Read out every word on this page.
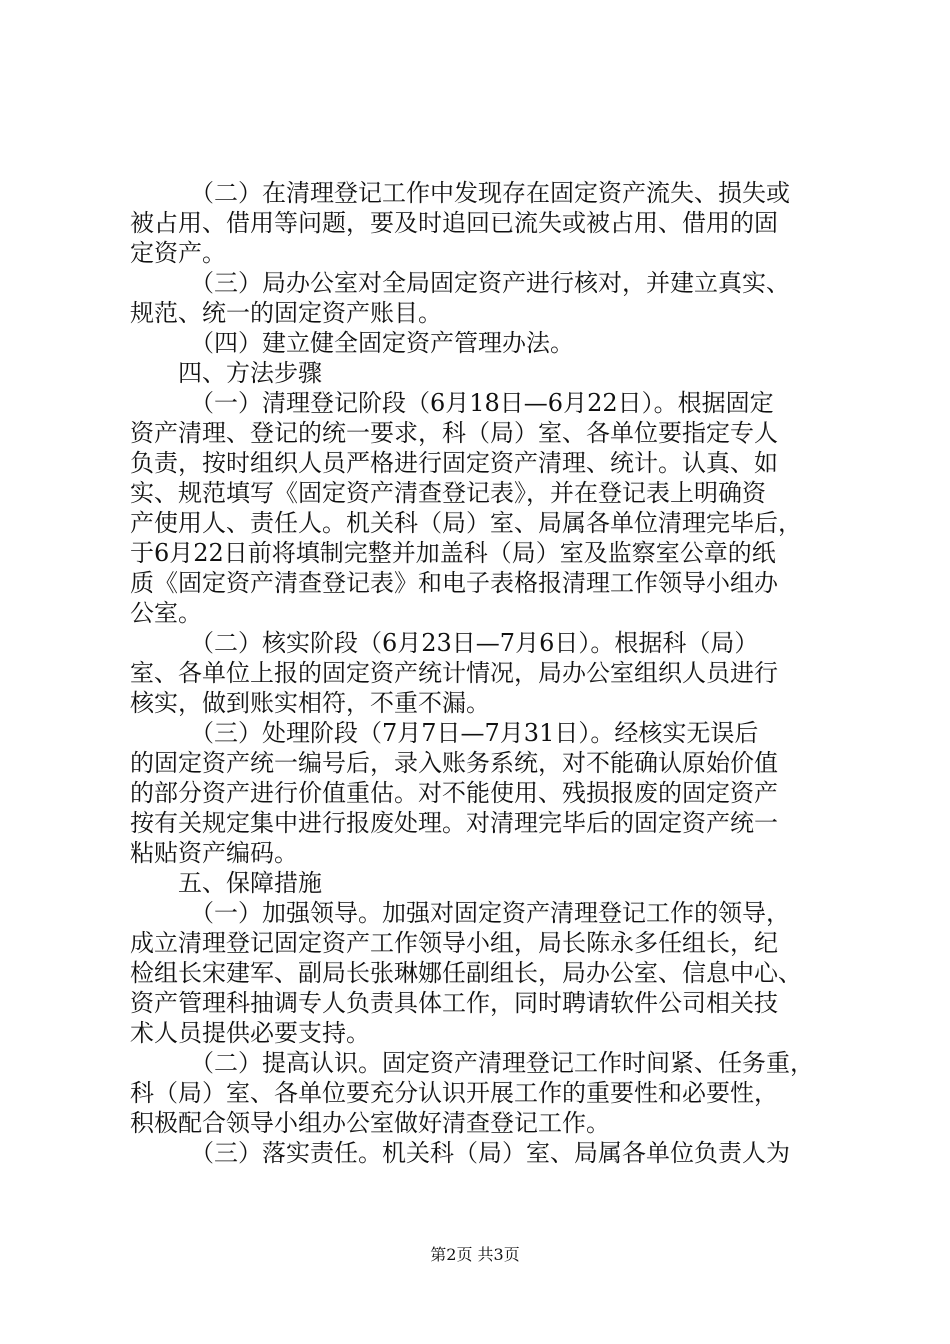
（二）在清理登记工作中发现存在固定资产流失、损失或

被占用、借用等问题，要及时追回已流失或被占用、借用的固

定资产。

（三）局办公室对全局固定资产进行核对，并建立真实、

规范、统一的固定资产账目。

（四）建立健全固定资产管理办法。

四、方法步骤

（一）清理登记阶段（6月18日—6月22日）。根据固定

资产清理、登记的统一要求，科（局）室、各单位要指定专人

负责，按时组织人员严格进行固定资产清理、统计。认真、如

实、规范填写《固定资产清查登记表》，并在登记表上明确资

产使用人、责任人。机关科（局）室、局属各单位清理完毕后，

于6月22日前将填制完整并加盖科（局）室及监察室公章的纸

质《固定资产清查登记表》和电子表格报清理工作领导小组办

公室。

（二）核实阶段（6月23日—7月6日）。根据科（局）

室、各单位上报的固定资产统计情况，局办公室组织人员进行

核实，做到账实相符，不重不漏。

（三）处理阶段（7月7日—7月31日）。经核实无误后

的固定资产统一编号后，录入账务系统，对不能确认原始价值

的部分资产进行价值重估。对不能使用、残损报废的固定资产

按有关规定集中进行报废处理。对清理完毕后的固定资产统一

粘贴资产编码。

五、保障措施

（一）加强领导。加强对固定资产清理登记工作的领导，

成立清理登记固定资产工作领导小组，局长陈永多任组长，纪

检组长宋建军、副局长张琳娜任副组长，局办公室、信息中心、

资产管理科抽调专人负责具体工作，同时聘请软件公司相关技

术人员提供必要支持。

（二）提高认识。固定资产清理登记工作时间紧、任务重，

科（局）室、各单位要充分认识开展工作的重要性和必要性，

积极配合领导小组办公室做好清查登记工作。

（三）落实责任。机关科（局）室、局属各单位负责人为

第2页 共3页
